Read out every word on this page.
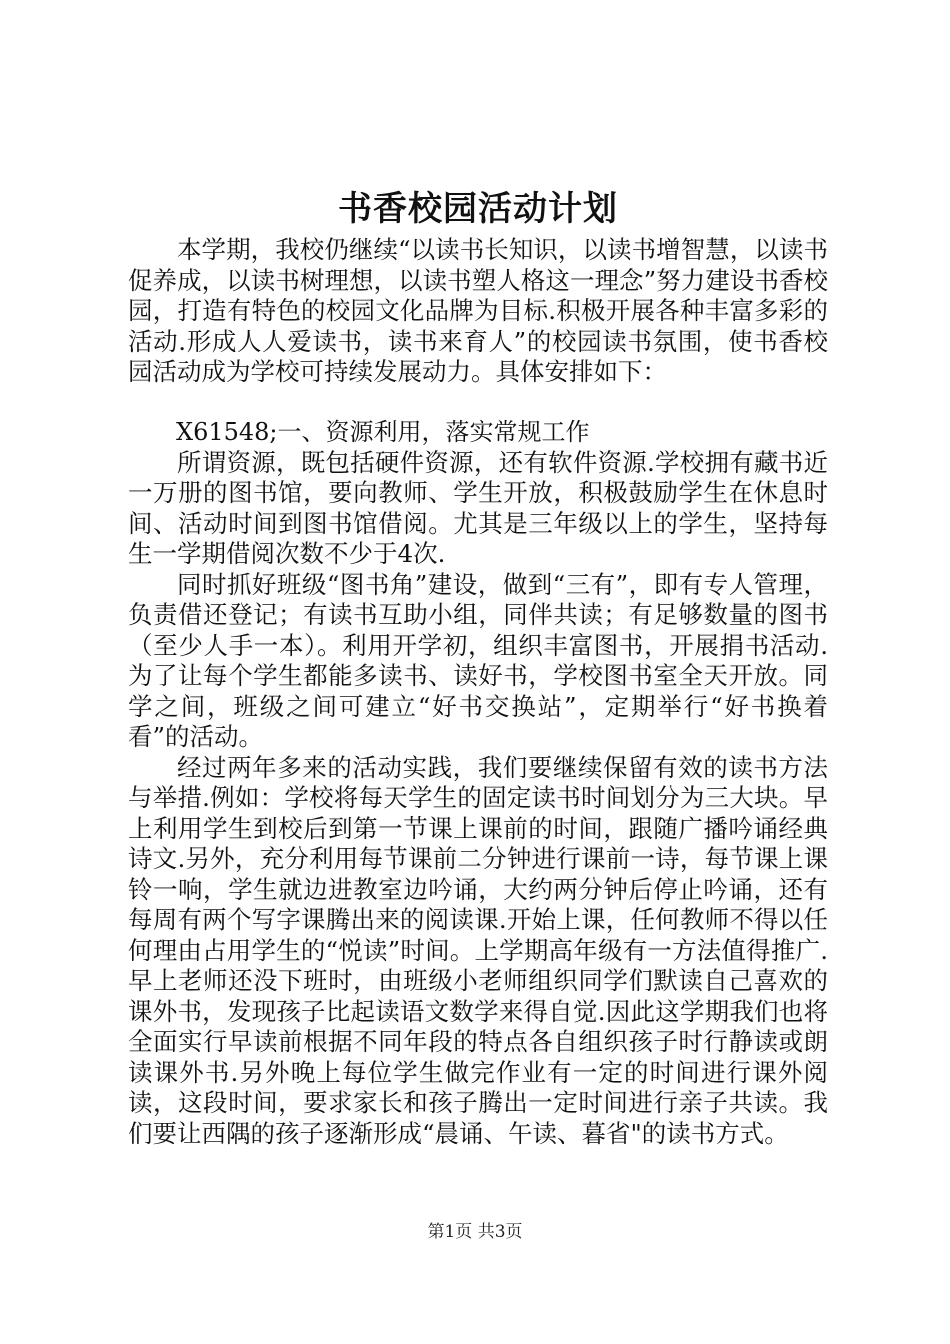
书香校园活动计划

本学期，我校仍继续“以读书长知识，以读书增智慧，以读书促养成，以读书树理想，以读书塑人格这一理念”努力建设书香校园，打造有特色的校园文化品牌为目标.积极开展各种丰富多彩的活动.形成人人爱读书，读书来育人”的校园读书氛围，使书香校园活动成为学校可持续发展动力。具体安排如下：

X61548;一、资源利用，落实常规工作

所谓资源，既包括硬件资源，还有软件资源.学校拥有藏书近一万册的图书馆，要向教师、学生开放，积极鼓励学生在休息时间、活动时间到图书馆借阅。尤其是三年级以上的学生，坚持每生一学期借阅次数不少于4次.

同时抓好班级“图书角”建设，做到“三有”，即有专人管理，负责借还登记；有读书互助小组，同伴共读；有足够数量的图书（至少人手一本）。利用开学初，组织丰富图书，开展捐书活动.为了让每个学生都能多读书、读好书，学校图书室全天开放。同学之间，班级之间可建立“好书交换站”，定期举行“好书换着看”的活动。

经过两年多来的活动实践，我们要继续保留有效的读书方法与举措.例如：学校将每天学生的固定读书时间划分为三大块。早上利用学生到校后到第一节课上课前的时间，跟随广播吟诵经典诗文.另外，充分利用每节课前二分钟进行课前一诗，每节课上课铃一响，学生就边进教室边吟诵，大约两分钟后停止吟诵，还有每周有两个写字课腾出来的阅读课.开始上课，任何教师不得以任何理由占用学生的“悦读”时间。上学期高年级有一方法值得推广.早上老师还没下班时，由班级小老师组织同学们默读自己喜欢的课外书，发现孩子比起读语文数学来得自觉.因此这学期我们也将全面实行早读前根据不同年段的特点各自组织孩子时行静读或朗读课外书.另外晚上每位学生做完作业有一定的时间进行课外阅读，这段时间，要求家长和孩子腾出一定时间进行亲子共读。我们要让西隅的孩子逐渐形成“晨诵、午读、暮省"的读书方式。

第1页 共3页
